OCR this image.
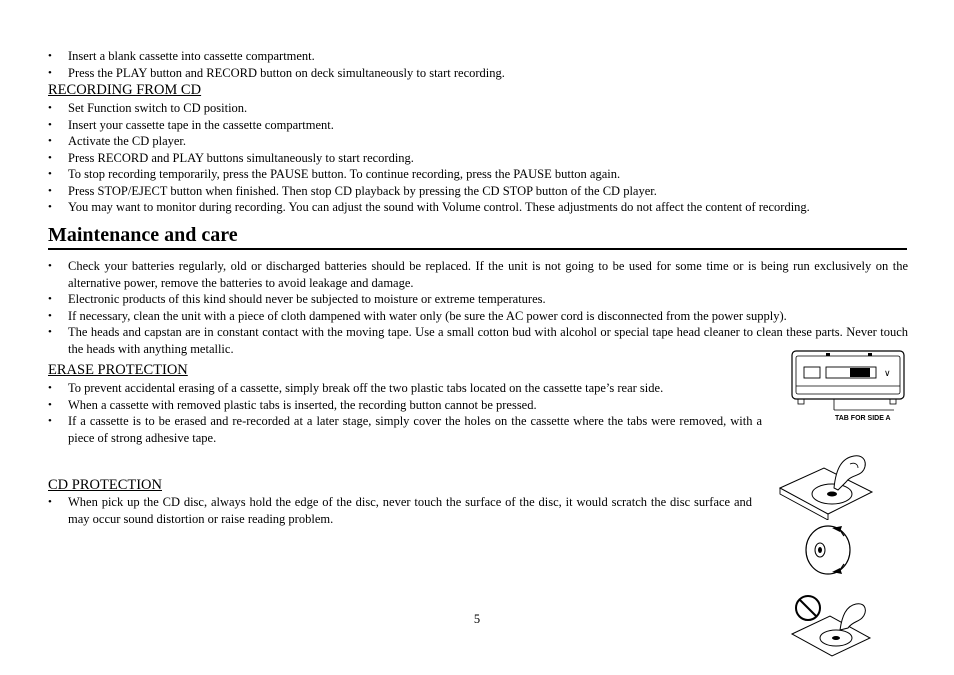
•	Insert a blank cassette into cassette compartment.
•	Press the PLAY button and RECORD button on deck simultaneously to start recording.
RECORDING FROM CD
•	Set Function switch to CD position.
•	Insert your cassette tape in the cassette compartment.
•	Activate the CD player.
•	Press RECORD and PLAY buttons simultaneously to start recording.
•	To stop recording temporarily, press the PAUSE button. To continue recording, press the PAUSE button again.
•	Press STOP/EJECT button when finished. Then stop CD playback by pressing the CD STOP button of the CD player.
•	You may want to monitor during recording. You can adjust the sound with Volume control. These adjustments do not affect the content of recording.
Maintenance and care
•	Check your batteries regularly, old or discharged batteries should be replaced. If the unit is not going to be used for some time or is being run exclusively on the alternative power, remove the batteries to avoid leakage and damage.
•	Electronic products of this kind should never be subjected to moisture or extreme temperatures.
•	If necessary, clean the unit with a piece of cloth dampened with water only (be sure the AC power cord is disconnected from the power supply).
•	The heads and capstan are in constant contact with the moving tape. Use a small cotton bud with alcohol or special tape head cleaner to clean these parts. Never touch the heads with anything metallic.
ERASE PROTECTION
•	To prevent accidental erasing of a cassette, simply break off the two plastic tabs located on the cassette tape’s rear side.
•	When a cassette with removed plastic tabs is inserted, the recording button cannot be pressed.
•	If a cassette is to be erased and re-recorded at a later stage, simply cover the holes on the cassette where the tabs were removed, with a piece of strong adhesive tape.
∨
TAB FOR SIDE A
CD PROTECTION
•	When pick up the CD disc, always hold the edge of the disc, never touch the surface of the disc, it would scratch the disc surface and may occur sound distortion or raise reading problem.
5
